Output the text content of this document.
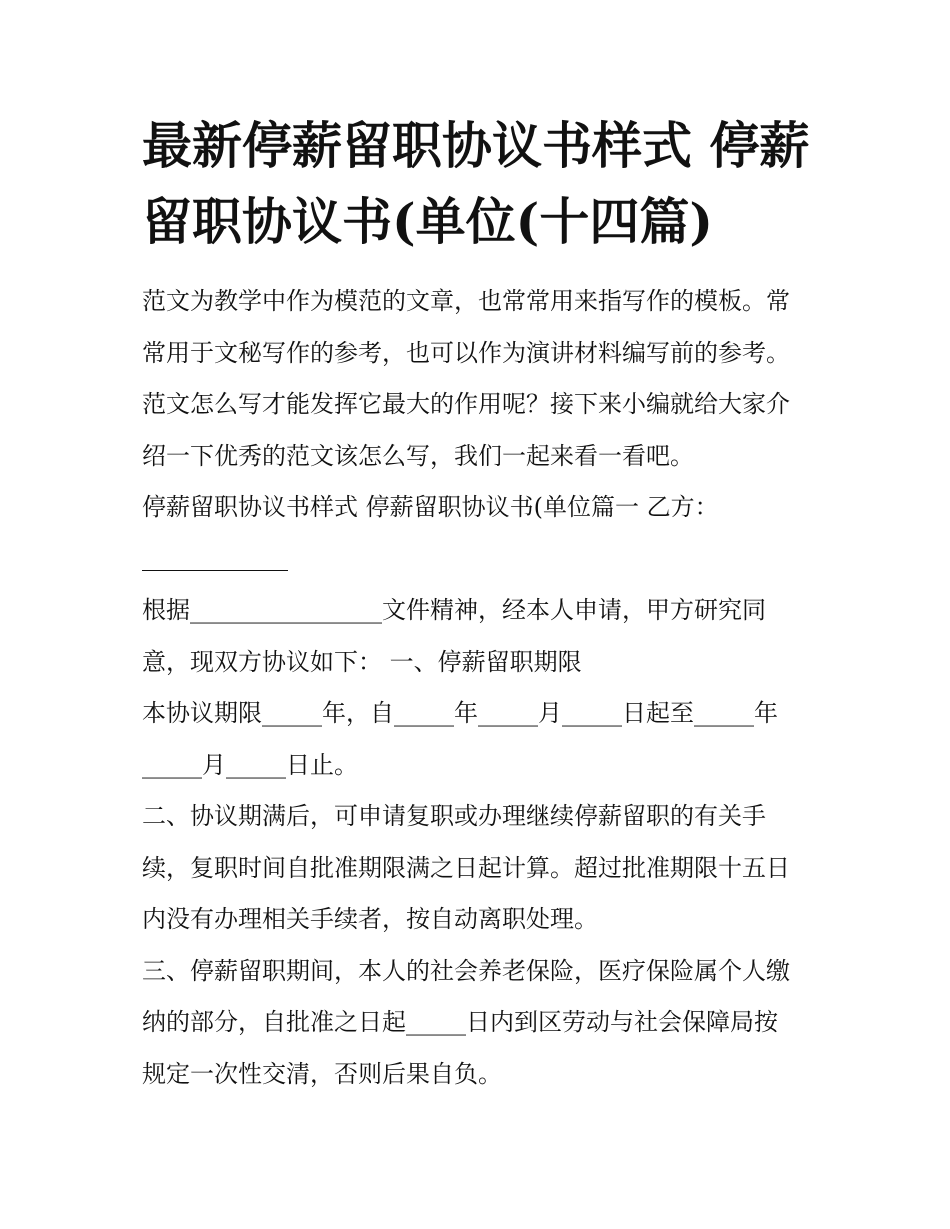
最新停薪留职协议书样式 停薪留职协议书(单位(十四篇)

范文为教学中作为模范的文章，也常常用来指写作的模板。常
常用于文秘写作的参考，也可以作为演讲材料编写前的参考。
范文怎么写才能发挥它最大的作用呢？接下来小编就给大家介
绍一下优秀的范文该怎么写，我们一起来看一看吧。

停薪留职协议书样式 停薪留职协议书(单位篇一 乙方：

根据________________文件精神，经本人申请，甲方研究同
意，现双方协议如下： 一、停薪留职期限

本协议期限_____年，自_____年_____月_____日起至_____年
_____月_____日止。

二、协议期满后，可申请复职或办理继续停薪留职的有关手
续，复职时间自批准期限满之日起计算。超过批准期限十五日
内没有办理相关手续者，按自动离职处理。

三、停薪留职期间，本人的社会养老保险，医疗保险属个人缴
纳的部分，自批准之日起_____日内到区劳动与社会保障局按
规定一次性交清，否则后果自负。
